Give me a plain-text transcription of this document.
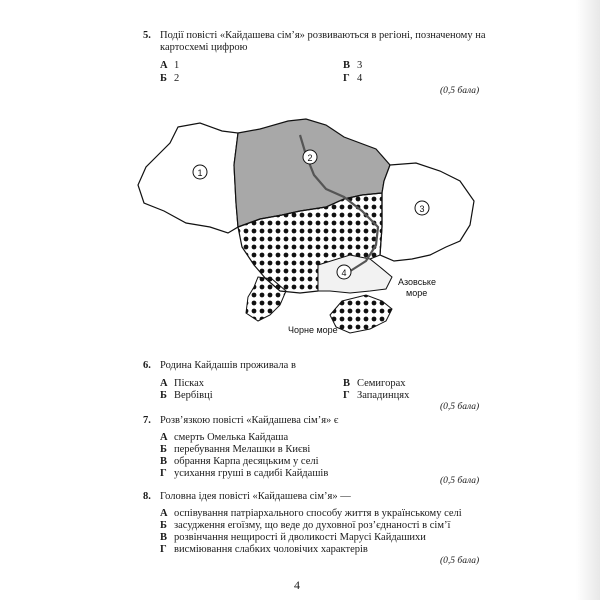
5. Події повісті «Кайдашева сім’я» розвиваються в регіоні, позначеному на
картосхемі цифрою
А 1
Б 2
В 3
Г 4
(0,5 бала)
1
2
3
4
Азовське
море
Чорне море
6. Родина Кайдашів проживала в
А Пісках
Б Вербівці
В Семигорах
Г Западинцях
(0,5 бала)
7. Розв’язкою повісті «Кайдашева сім’я» є
А смерть Омелька Кайдаша
Б перебування Мелашки в Києві
В обрання Карпа десяцьким у селі
Г усихання грушi в садибі Кайдашів
(0,5 бала)
8. Головна ідея повісті «Кайдашева сім’я» —
А оспівування патріархального способу життя в українському селі
Б засудження егоїзму, що веде до духовної роз’єднаності в сім’ї
В розвінчання нещирості й дволикості Марусі Кайдашихи
Г висміювання слабких чоловічих характерів
(0,5 бала)
4
